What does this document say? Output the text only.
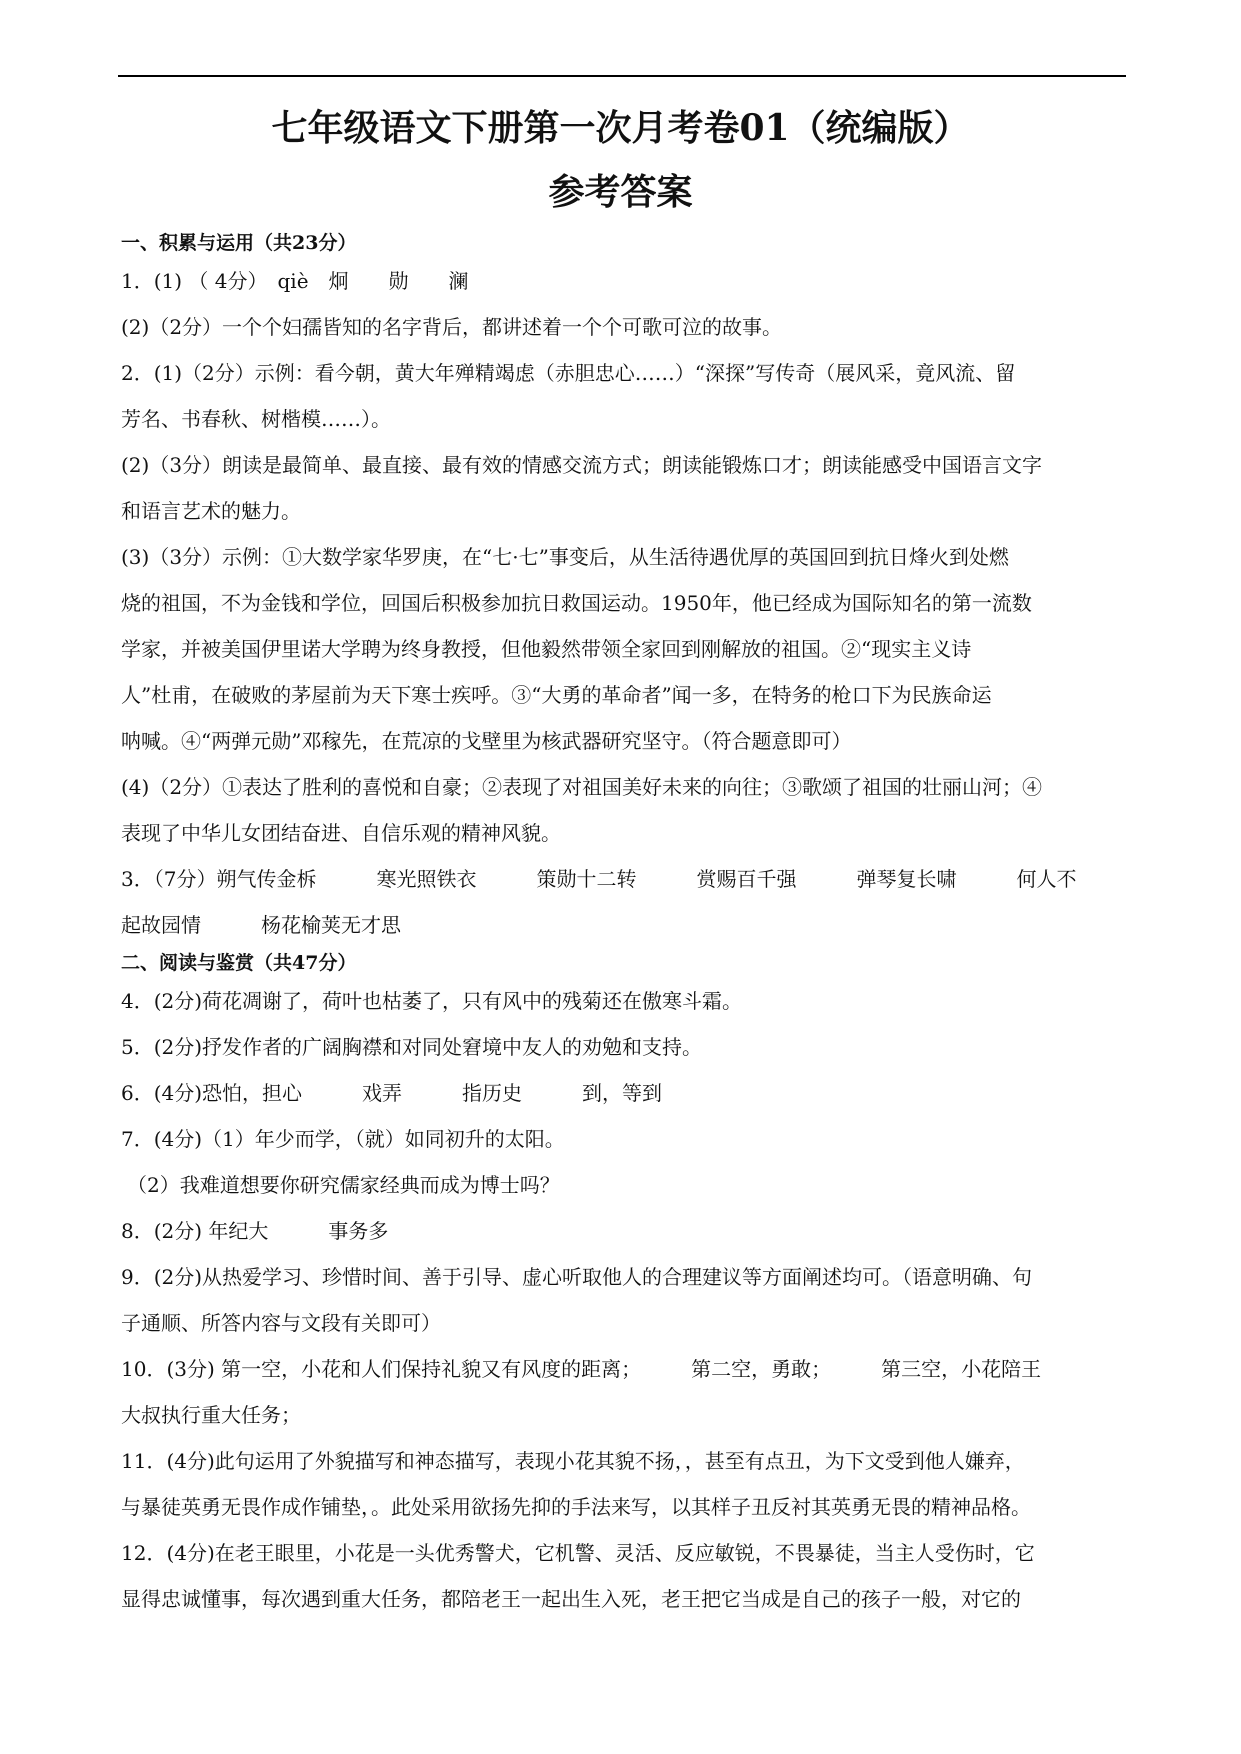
七年级语文下册第一次月考卷01（统编版）
参考答案
一、积累与运用（共23分）
1．(1) （ 4分）　qiè　炯　　勋　　澜
(2)（2分）一个个妇孺皆知的名字背后，都讲述着一个个可歌可泣的故事。
2．(1)（2分）示例：看今朝，黄大年殚精竭虑（赤胆忠心……）“深探”写传奇（展风采，竟风流、留
芳名、书春秋、树楷模……）。
(2)（3分）朗读是最简单、最直接、最有效的情感交流方式；朗读能锻炼口才；朗读能感受中国语言文字
和语言艺术的魅力。
(3)（3分）示例：①大数学家华罗庚，在“七·七”事变后，从生活待遇优厚的英国回到抗日烽火到处燃
烧的祖国，不为金钱和学位，回国后积极参加抗日救国运动。1950年，他已经成为国际知名的第一流数
学家，并被美国伊里诺大学聘为终身教授，但他毅然带领全家回到刚解放的祖国。②“现实主义诗
人”杜甫，在破败的茅屋前为天下寒士疾呼。③“大勇的革命者”闻一多，在特务的枪口下为民族命运
呐喊。④“两弹元勋”邓稼先，在荒凉的戈壁里为核武器研究坚守。（符合题意即可）
(4)（2分）①表达了胜利的喜悦和自豪；②表现了对祖国美好未来的向往；③歌颂了祖国的壮丽山河；④
表现了中华儿女团结奋进、自信乐观的精神风貌。
3．（7分）朔气传金柝　　　寒光照铁衣　　　策勋十二转　　　赏赐百千强　　　弹琴复长啸　　　何人不
起故园情　　　杨花榆荚无才思
二、阅读与鉴赏（共47分）
4．(2分)荷花凋谢了，荷叶也枯萎了，只有风中的残菊还在傲寒斗霜。
5．(2分)抒发作者的广阔胸襟和对同处窘境中友人的劝勉和支持。
6．(4分)恐怕，担心　　　戏弄　　　指历史　　　到，等到
7．(4分)（1）年少而学，（就）如同初升的太阳。
（2）我难道想要你研究儒家经典而成为博士吗？
8．(2分) 年纪大　　　事务多
9．(2分)从热爱学习、珍惜时间、善于引导、虚心听取他人的合理建议等方面阐述均可。（语意明确、句
子通顺、所答内容与文段有关即可）
10．(3分) 第一空，小花和人们保持礼貌又有风度的距离；　　　第二空，勇敢；　　　第三空，小花陪王
大叔执行重大任务；
11．(4分)此句运用了外貌描写和神态描写，表现小花其貌不扬，，甚至有点丑，为下文受到他人嫌弃，
与暴徒英勇无畏作成作铺垫，。此处采用欲扬先抑的手法来写，以其样子丑反衬其英勇无畏的精神品格。
12．(4分)在老王眼里，小花是一头优秀警犬，它机警、灵活、反应敏锐，不畏暴徒，当主人受伤时，它
显得忠诚懂事，每次遇到重大任务，都陪老王一起出生入死，老王把它当成是自己的孩子一般，对它的
